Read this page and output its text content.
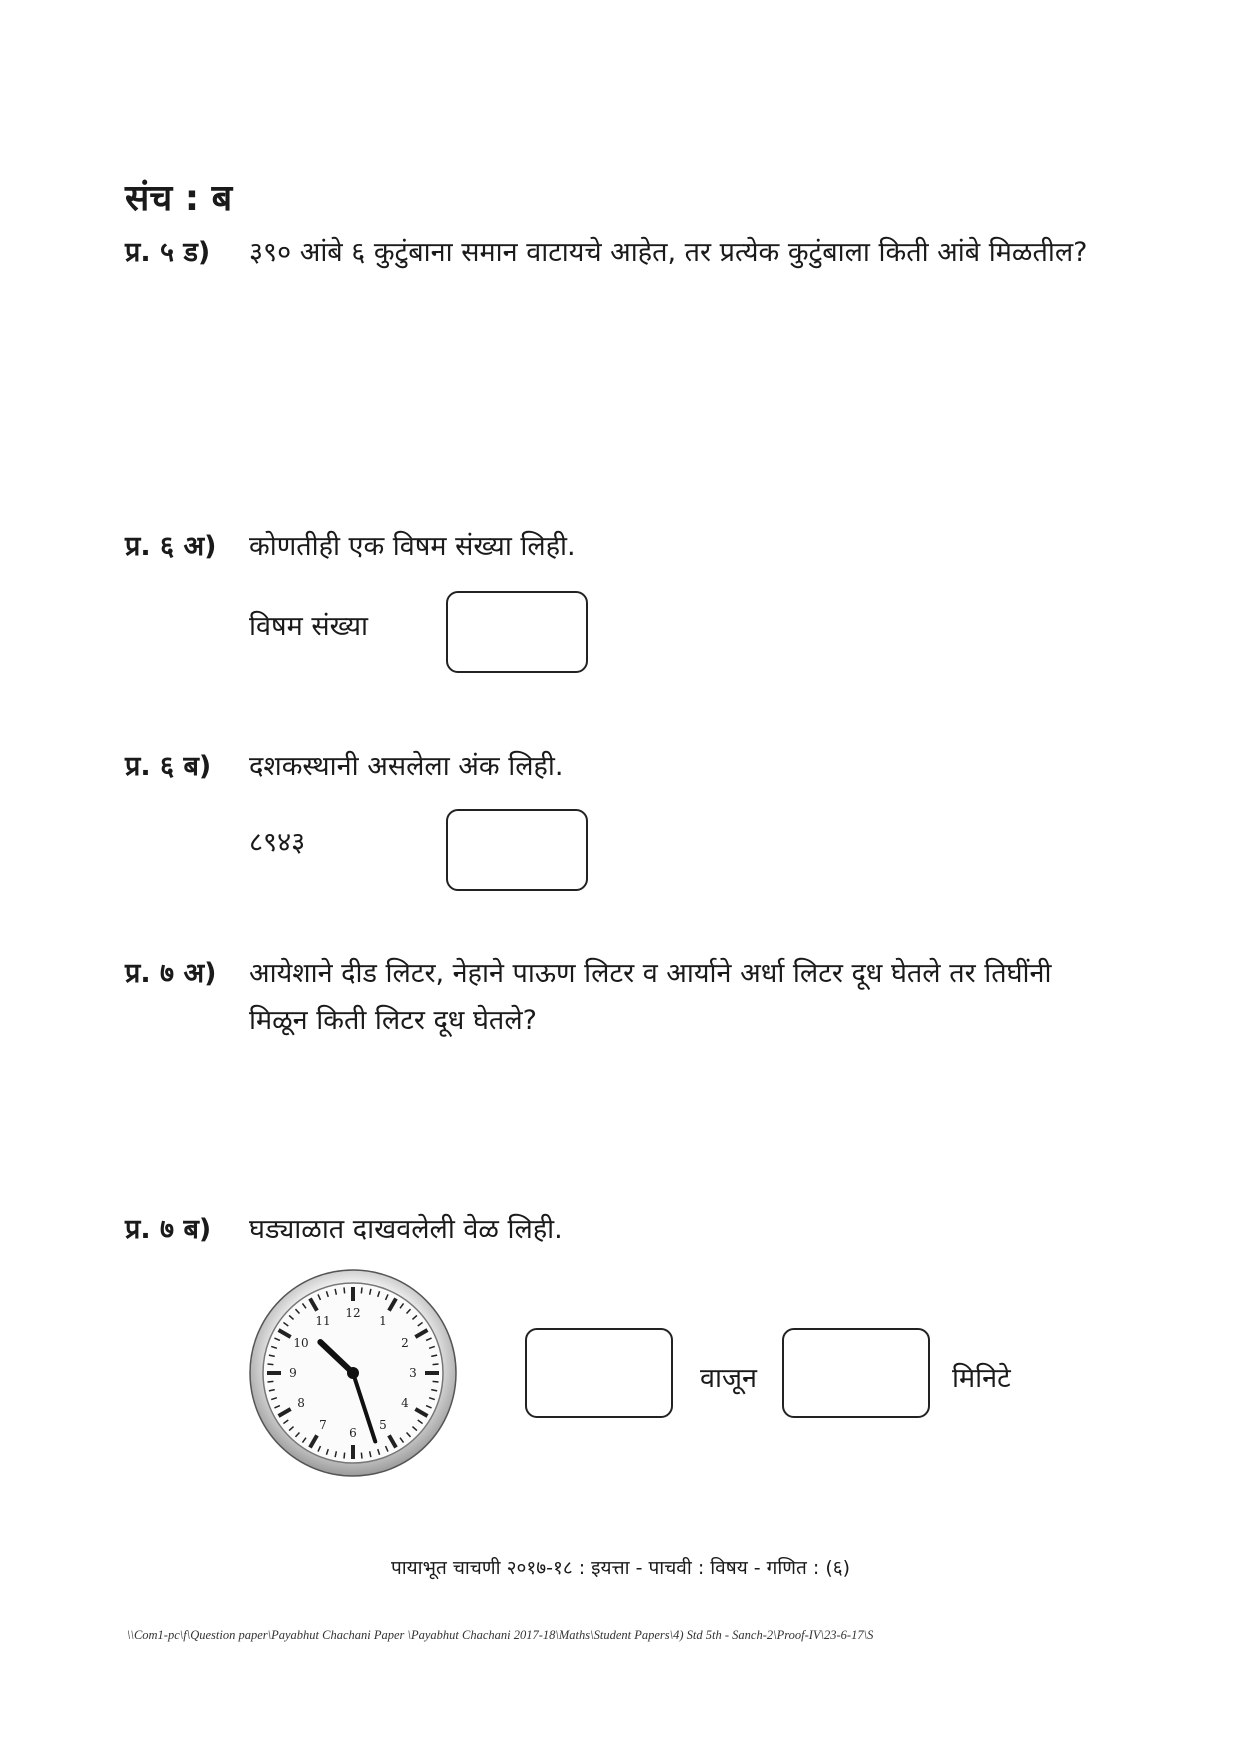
संच : ब
प्र. ५ ड)	३९० आंबे ६ कुटुंबाना समान वाटायचे आहेत, तर प्रत्येक कुटुंबाला किती आंबे मिळतील?
प्र. ६ अ)	कोणतीही एक विषम संख्या लिही.
विषम संख्या
प्र. ६ ब)	दशकस्थानी असलेला अंक लिही.
८९४३
प्र. ७ अ)	आयेशाने दीड लिटर, नेहाने पाऊण लिटर व आर्याने अर्धा लिटर दूध घेतले तर तिघींनी
मिळून किती लिटर दूध घेतले?
प्र. ७ ब)	घड्याळात दाखवलेली वेळ लिही.
1
2
3
4
5
6
7
8
9
10
11
12
वाजून	मिनिटे
पायाभूत चाचणी २०१७-१८ : इयत्ता - पाचवी : विषय - गणित : (६)
\\Com1-pc\f\Question paper\Payabhut Chachani Paper \Payabhut Chachani 2017-18\Maths\Student Papers\4) Std 5th - Sanch-2\Proof-IV\23-6-17\S
